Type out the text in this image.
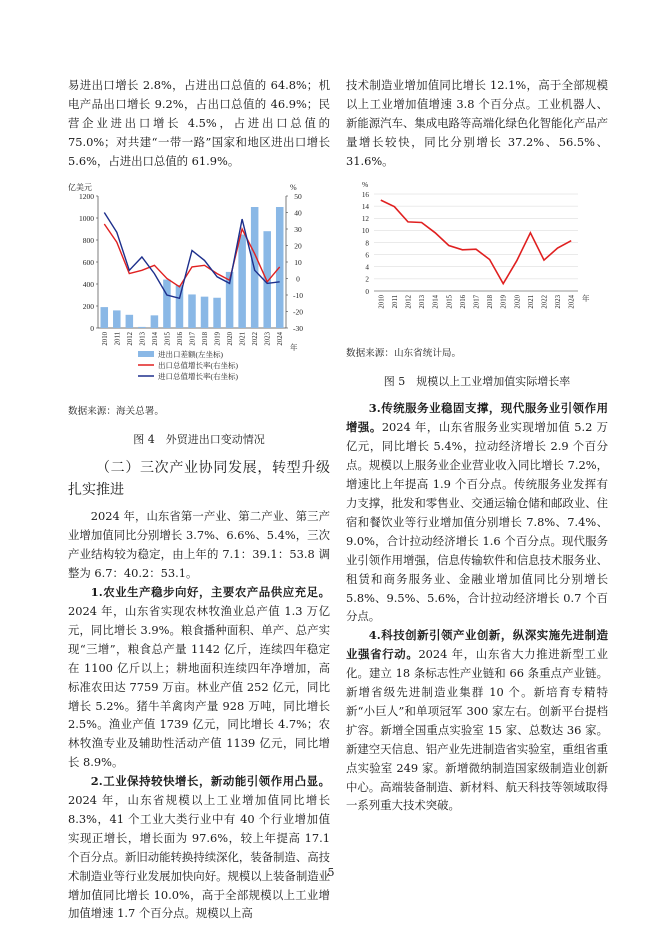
易进出口增长 2.8%，占进出口总值的 64.8%；机电产品出口增长 9.2%，占出口总值的 46.9%；民营企业进出口增长 4.5%，占进出口总值的 75.0%；对共建“一带一路”国家和地区进出口增长 5.6%，占进出口总值的 61.9%。

亿美元	%
1200
1000
800
600
400
200
0
50
40
30
20
10
0
-10
-20
-30
2010 2011 2012 2013 2014 2015 2016 2017 2018 2019 2020 2021 2022 2023 2024
年
进出口差额(左坐标)
出口总值增长率(右坐标)
进口总值增长率(右坐标)

数据来源：海关总署。

图 4　外贸进出口变动情况

（二）三次产业协同发展，转型升级扎实推进

2024 年，山东省第一产业、第二产业、第三产业增加值同比分别增长 3.7%、6.6%、5.4%，三次产业结构较为稳定，由上年的 7.1：39.1：53.8 调整为 6.7：40.2：53.1。

1.农业生产稳步向好，主要农产品供应充足。2024 年，山东省实现农林牧渔业总产值 1.3 万亿元，同比增长 3.9%。粮食播种面积、单产、总产实现“三增”，粮食总产量 1142 亿斤，连续四年稳定在 1100 亿斤以上；耕地面积连续四年净增加，高标准农田达 7759 万亩。林业产值 252 亿元，同比增长 5.2%。猪牛羊禽肉产量 928 万吨，同比增长 2.5%。渔业产值 1739 亿元，同比增长 4.7%；农林牧渔专业及辅助性活动产值 1139 亿元，同比增长 8.9%。

2.工业保持较快增长，新动能引领作用凸显。2024 年，山东省规模以上工业增加值同比增长 8.3%，41 个工业大类行业中有 40 个行业增加值实现正增长，增长面为 97.6%，较上年提高 17.1 个百分点。新旧动能转换持续深化，装备制造、高技术制造业等行业发展加快向好。规模以上装备制造业增加值同比增长 10.0%，高于全部规模以上工业增加值增速 1.7 个百分点。规模以上高

技术制造业增加值同比增长 12.1%，高于全部规模以上工业增加值增速 3.8 个百分点。工业机器人、新能源汽车、集成电路等高端化绿色化智能化产品产量增长较快，同比分别增长 37.2%、56.5%、31.6%。

%
16
14
12
10
8
6
4
2
0
2010 2011 2012 2013 2014 2015 2016 2017 2018 2019 2020 2021 2022 2023 2024 年

数据来源：山东省统计局。

图 5　规模以上工业增加值实际增长率

3.传统服务业稳固支撑，现代服务业引领作用增强。2024 年，山东省服务业实现增加值 5.2 万亿元，同比增长 5.4%，拉动经济增长 2.9 个百分点。规模以上服务业企业营业收入同比增长 7.2%，增速比上年提高 1.9 个百分点。传统服务业发挥有力支撑，批发和零售业、交通运输仓储和邮政业、住宿和餐饮业等行业增加值分别增长 7.8%、7.4%、9.0%，合计拉动经济增长 1.6 个百分点。现代服务业引领作用增强，信息传输软件和信息技术服务业、租赁和商务服务业、金融业增加值同比分别增长 5.8%、9.5%、5.6%，合计拉动经济增长 0.7 个百分点。

4.科技创新引领产业创新，纵深实施先进制造业强省行动。2024 年，山东省大力推进新型工业化。建立 18 条标志性产业链和 66 条重点产业链。新增省级先进制造业集群 10 个。新培育专精特新“小巨人”和单项冠军 300 家左右。创新平台提档扩容。新增全国重点实验室 15 家、总数达 36 家。新建空天信息、铝产业先进制造省实验室，重组省重点实验室 249 家。新增微纳制造国家级制造业创新中心。高端装备制造、新材料、航天科技等领域取得一系列重大技术突破。

5
